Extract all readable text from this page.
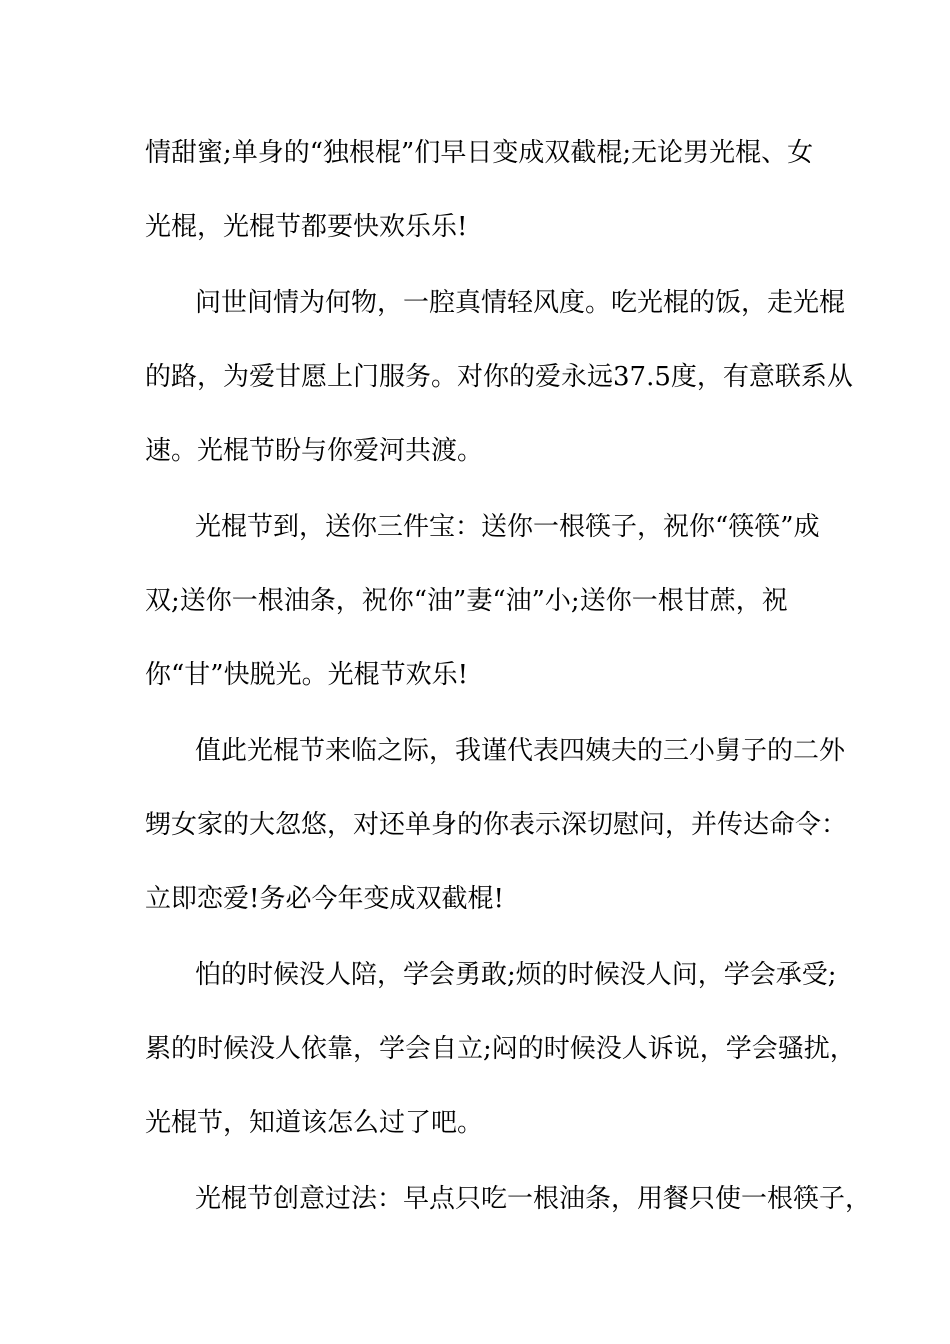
情甜蜜;单身的“独根棍”们早日变成双截棍;无论男光棍、女
光棍，光棍节都要快欢乐乐!
问世间情为何物，一腔真情轻风度。吃光棍的饭，走光棍
的路，为爱甘愿上门服务。对你的爱永远37.5度，有意联系从
速。光棍节盼与你爱河共渡。
光棍节到，送你三件宝：送你一根筷子，祝你“筷筷”成
双;送你一根油条，祝你“油”妻“油”小;送你一根甘蔗，祝
你“甘”快脱光。光棍节欢乐!
值此光棍节来临之际，我谨代表四姨夫的三小舅子的二外
甥女家的大忽悠，对还单身的你表示深切慰问，并传达命令：
立即恋爱!务必今年变成双截棍!
怕的时候没人陪，学会勇敢;烦的时候没人问，学会承受;
累的时候没人依靠，学会自立;闷的时候没人诉说，学会骚扰，
光棍节，知道该怎么过了吧。
光棍节创意过法：早点只吃一根油条，用餐只使一根筷子，
